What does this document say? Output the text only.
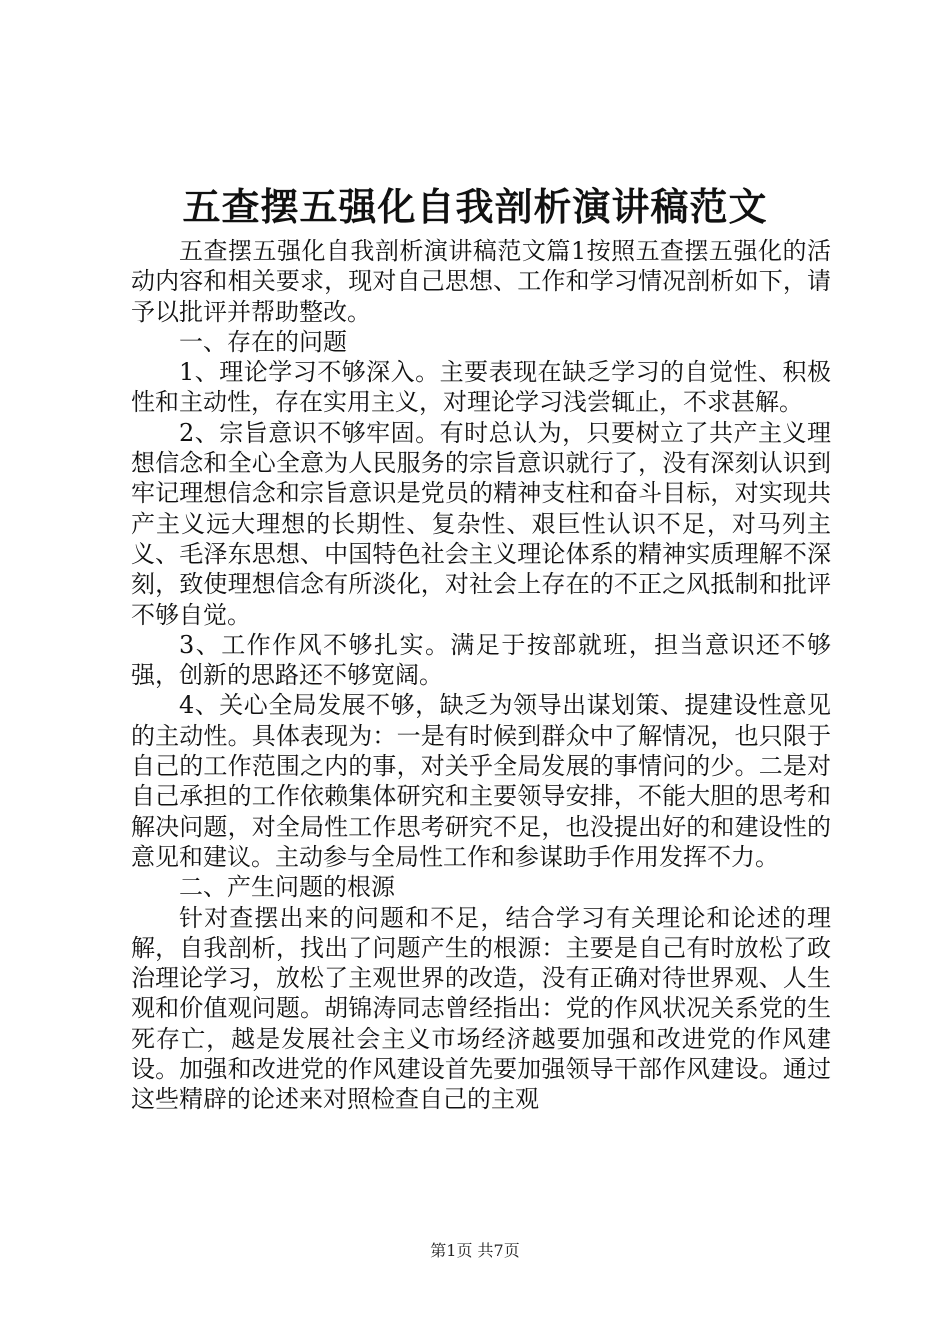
五查摆五强化自我剖析演讲稿范文

五查摆五强化自我剖析演讲稿范文篇1按照五查摆五强化的活动内容和相关要求，现对自己思想、工作和学习情况剖析如下，请予以批评并帮助整改。

一、存在的问题

1、理论学习不够深入。主要表现在缺乏学习的自觉性、积极性和主动性，存在实用主义，对理论学习浅尝辄止，不求甚解。

2、宗旨意识不够牢固。有时总认为，只要树立了共产主义理想信念和全心全意为人民服务的宗旨意识就行了，没有深刻认识到牢记理想信念和宗旨意识是党员的精神支柱和奋斗目标，对实现共产主义远大理想的长期性、复杂性、艰巨性认识不足，对马列主义、毛泽东思想、中国特色社会主义理论体系的精神实质理解不深刻，致使理想信念有所淡化，对社会上存在的不正之风抵制和批评不够自觉。

3、工作作风不够扎实。满足于按部就班，担当意识还不够强，创新的思路还不够宽阔。

4、关心全局发展不够，缺乏为领导出谋划策、提建设性意见的主动性。具体表现为：一是有时候到群众中了解情况，也只限于自己的工作范围之内的事，对关乎全局发展的事情问的少。二是对自己承担的工作依赖集体研究和主要领导安排，不能大胆的思考和解决问题，对全局性工作思考研究不足，也没提出好的和建设性的意见和建议。主动参与全局性工作和参谋助手作用发挥不力。

二、产生问题的根源

针对查摆出来的问题和不足，结合学习有关理论和论述的理解，自我剖析，找出了问题产生的根源：主要是自己有时放松了政治理论学习，放松了主观世界的改造，没有正确对待世界观、人生观和价值观问题。胡锦涛同志曾经指出：党的作风状况关系党的生死存亡，越是发展社会主义市场经济越要加强和改进党的作风建设。加强和改进党的作风建设首先要加强领导干部作风建设。通过这些精辟的论述来对照检查自己的主观

第1页 共7页
